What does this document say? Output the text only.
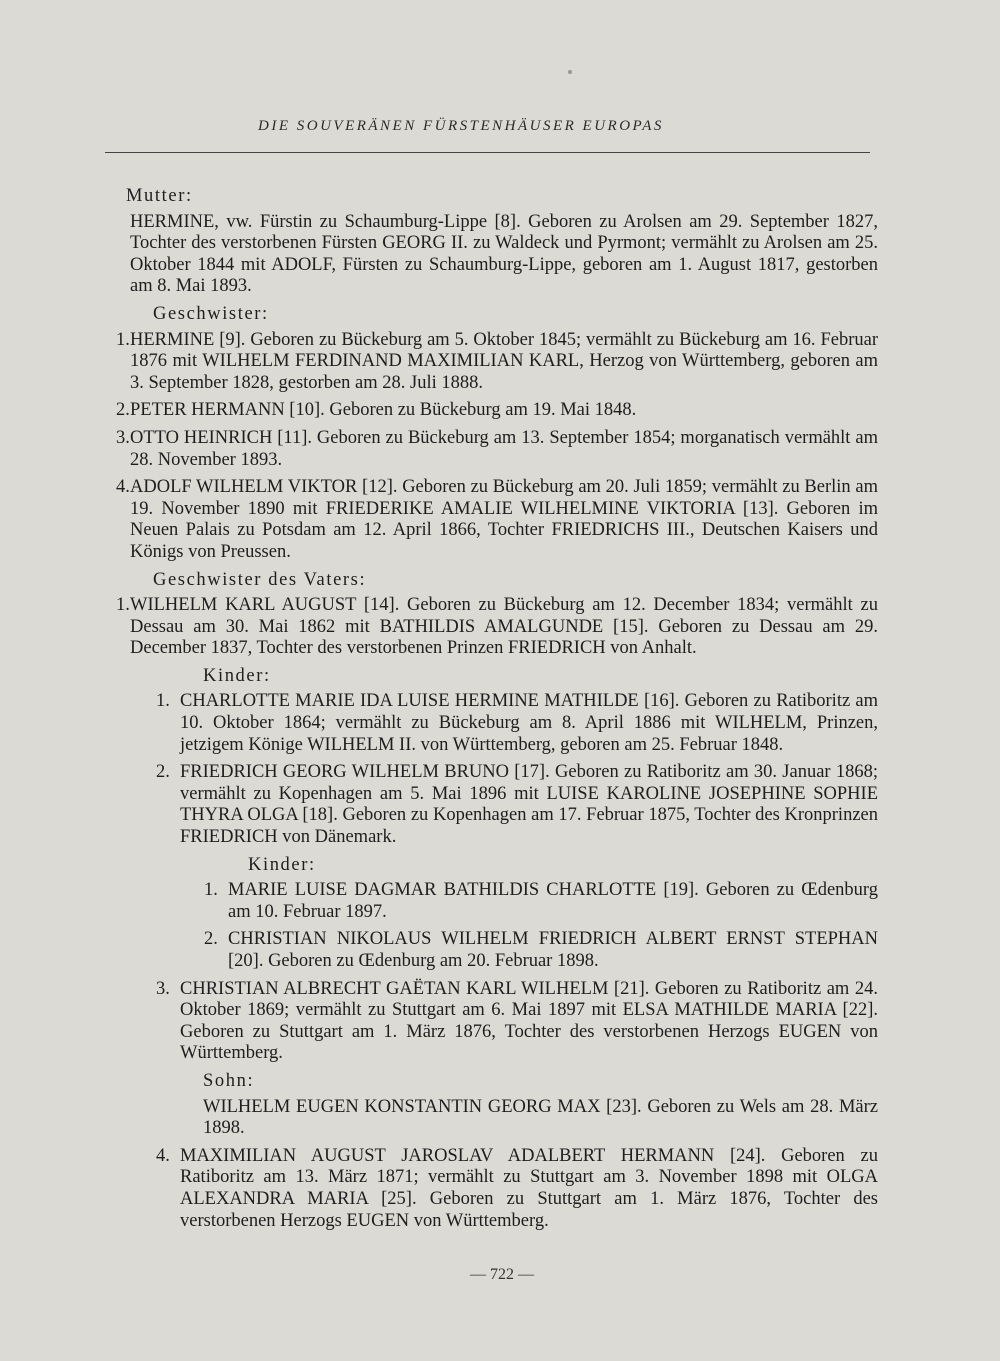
DIE SOUVERÄNEN FÜRSTENHÄUSER EUROPAS
Mutter:
HERMINE, vw. Fürstin zu Schaumburg-Lippe [8]. Geboren zu Arolsen am 29. September 1827, Tochter des verstorbenen Fürsten GEORG II. zu Waldeck und Pyrmont; vermählt zu Arolsen am 25. Oktober 1844 mit ADOLF, Fürsten zu Schaumburg-Lippe, geboren am 1. August 1817, gestorben am 8. Mai 1893.
Geschwister:
1. HERMINE [9]. Geboren zu Bückeburg am 5. Oktober 1845; vermählt zu Bückeburg am 16. Februar 1876 mit WILHELM FERDINAND MAXIMILIAN KARL, Herzog von Württemberg, geboren am 3. September 1828, gestorben am 28. Juli 1888.
2. PETER HERMANN [10]. Geboren zu Bückeburg am 19. Mai 1848.
3. OTTO HEINRICH [11]. Geboren zu Bückeburg am 13. September 1854; morganatisch vermählt am 28. November 1893.
4. ADOLF WILHELM VIKTOR [12]. Geboren zu Bückeburg am 20. Juli 1859; vermählt zu Berlin am 19. November 1890 mit FRIEDERIKE AMALIE WILHELMINE VIKTORIA [13]. Geboren im Neuen Palais zu Potsdam am 12. April 1866, Tochter FRIEDRICHS III., Deutschen Kaisers und Königs von Preussen.
Geschwister des Vaters:
1. WILHELM KARL AUGUST [14]. Geboren zu Bückeburg am 12. December 1834; vermählt zu Dessau am 30. Mai 1862 mit BATHILDIS AMALGUNDE [15]. Geboren zu Dessau am 29. December 1837, Tochter des verstorbenen Prinzen FRIEDRICH von Anhalt.
Kinder:
1. CHARLOTTE MARIE IDA LUISE HERMINE MATHILDE [16]. Geboren zu Ratiboritz am 10. Oktober 1864; vermählt zu Bückeburg am 8. April 1886 mit WILHELM, Prinzen, jetzigem Könige WILHELM II. von Württemberg, geboren am 25. Februar 1848.
2. FRIEDRICH GEORG WILHELM BRUNO [17]. Geboren zu Ratiboritz am 30. Januar 1868; vermählt zu Kopenhagen am 5. Mai 1896 mit LUISE KAROLINE JOSEPHINE SOPHIE THYRA OLGA [18]. Geboren zu Kopenhagen am 17. Februar 1875, Tochter des Kronprinzen FRIEDRICH von Dänemark.
Kinder:
1. MARIE LUISE DAGMAR BATHILDIS CHARLOTTE [19]. Geboren zu Œdenburg am 10. Februar 1897.
2. CHRISTIAN NIKOLAUS WILHELM FRIEDRICH ALBERT ERNST STEPHAN [20]. Geboren zu Œdenburg am 20. Februar 1898.
3. CHRISTIAN ALBRECHT GAËTAN KARL WILHELM [21]. Geboren zu Ratiboritz am 24. Oktober 1869; vermählt zu Stuttgart am 6. Mai 1897 mit ELSA MATHILDE MARIA [22]. Geboren zu Stuttgart am 1. März 1876, Tochter des verstorbenen Herzogs EUGEN von Württemberg.
Sohn:
WILHELM EUGEN KONSTANTIN GEORG MAX [23]. Geboren zu Wels am 28. März 1898.
4. MAXIMILIAN AUGUST JAROSLAV ADALBERT HERMANN [24]. Geboren zu Ratiboritz am 13. März 1871; vermählt zu Stuttgart am 3. November 1898 mit OLGA ALEXANDRA MARIA [25]. Geboren zu Stuttgart am 1. März 1876, Tochter des verstorbenen Herzogs EUGEN von Württemberg.
— 722 —
